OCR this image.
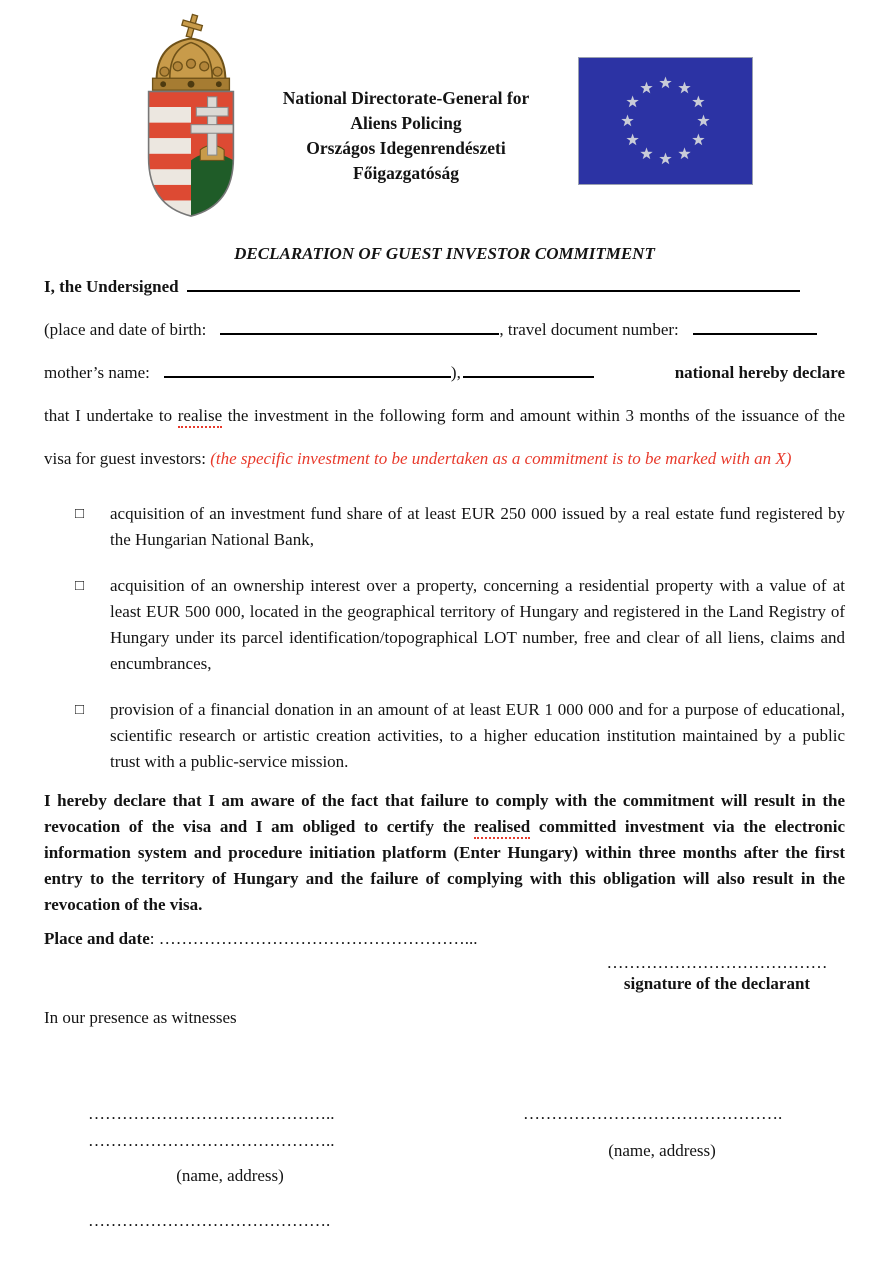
National Directorate-General for
Aliens Policing
Országos Idegenrendészeti
Főigazgatóság
DECLARATION OF GUEST INVESTOR COMMITMENT
I, the Undersigned
(place and date of birth:	, travel document number:
mother’s name:	),	national hereby declare

that I undertake to realise the investment in the following form and amount within 3 months of the issuance of the visa for guest investors: (the specific investment to be undertaken as a commitment is to be marked with an X)

□	acquisition of an investment fund share of at least EUR 250 000 issued by a real estate fund registered by the Hungarian National Bank,
□	acquisition of an ownership interest over a property, concerning a residential property with a value of at least EUR 500 000, located in the geographical territory of Hungary and registered in the Land Registry of Hungary under its parcel identification/topographical LOT number, free and clear of all liens, claims and encumbrances,
□	provision of a financial donation in an amount of at least EUR 1 000 000 and for a purpose of educational, scientific research or artistic creation activities, to a higher education institution maintained by a public trust with a public-service mission.

I hereby declare that I am aware of the fact that failure to comply with the commitment will result in the revocation of the visa and I am obliged to certify the realised committed investment via the electronic information system and procedure initiation platform (Enter Hungary) within three months after the first entry to the territory of Hungary and the failure of complying with this obligation will also result in the revocation of the visa.

Place and date: ………………………………………………...
…………………………………
signature of the declarant
In our presence as witnesses
……………………………………..
……………………………………..
(name, address)
…………………………………….
……………………………………….
(name, address)
